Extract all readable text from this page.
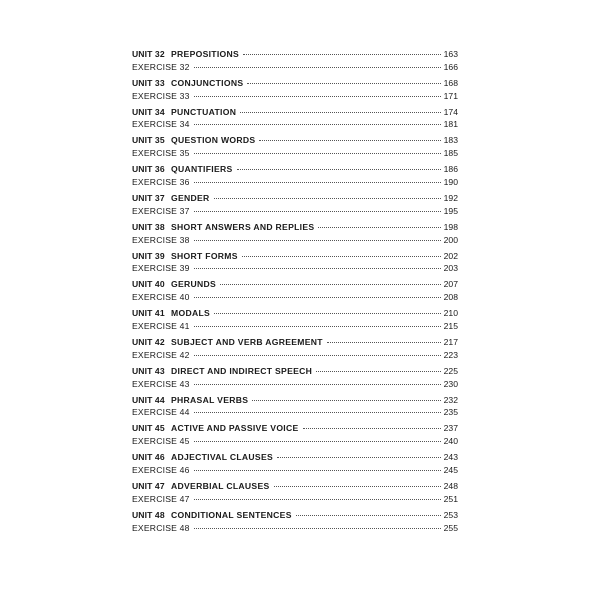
UNIT 32 PREPOSITIONS	163
EXERCISE 32	166
UNIT 33 CONJUNCTIONS	168
EXERCISE 33	171
UNIT 34 PUNCTUATION	174
EXERCISE 34	181
UNIT 35 QUESTION WORDS	183
EXERCISE 35	185
UNIT 36 QUANTIFIERS	186
EXERCISE 36	190
UNIT 37 GENDER	192
EXERCISE 37	195
UNIT 38 SHORT ANSWERS AND REPLIES	198
EXERCISE 38	200
UNIT 39 SHORT FORMS	202
EXERCISE 39	203
UNIT 40 GERUNDS	207
EXERCISE 40	208
UNIT 41 MODALS	210
EXERCISE 41	215
UNIT 42 SUBJECT AND VERB AGREEMENT	217
EXERCISE 42	223
UNIT 43 DIRECT AND INDIRECT SPEECH	225
EXERCISE 43	230
UNIT 44 PHRASAL VERBS	232
EXERCISE 44	235
UNIT 45 ACTIVE AND PASSIVE VOICE	237
EXERCISE 45	240
UNIT 46 ADJECTIVAL CLAUSES	243
EXERCISE 46	245
UNIT 47 ADVERBIAL CLAUSES	248
EXERCISE 47	251
UNIT 48 CONDITIONAL SENTENCES	253
EXERCISE 48	255
